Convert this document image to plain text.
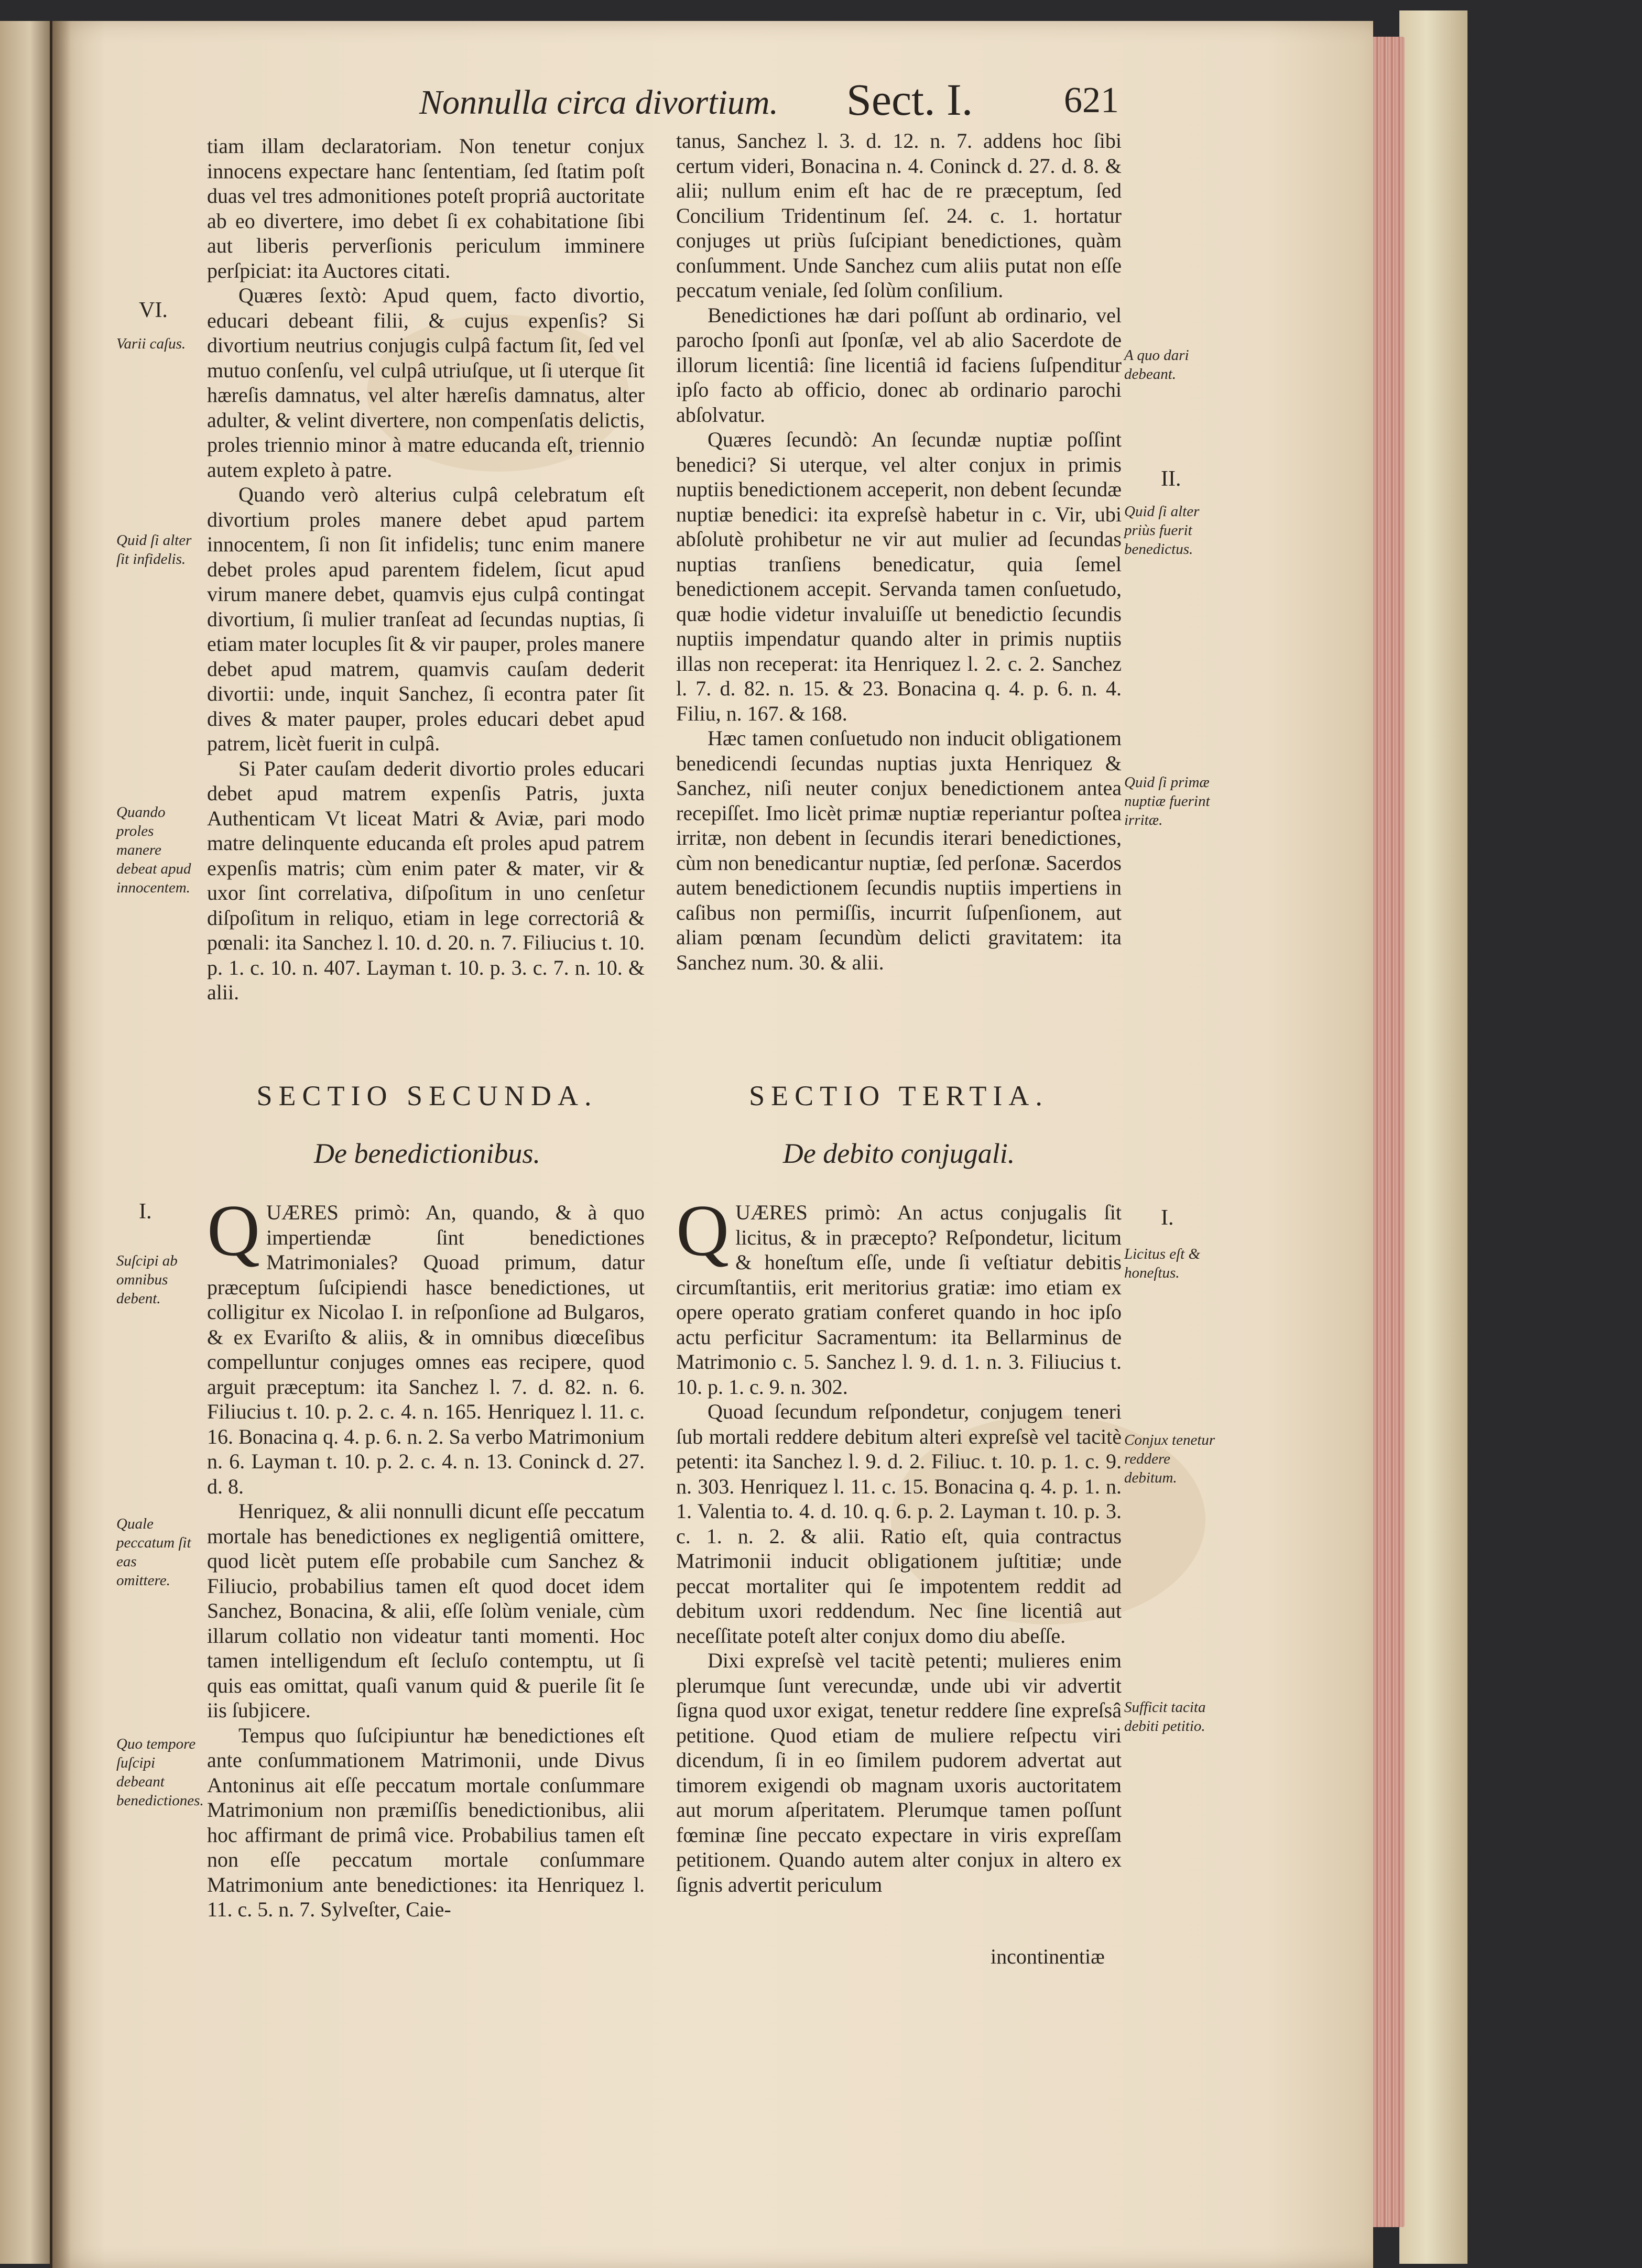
Nonnulla circa divortium. Sect. I. 621

tiam illam declaratoriam. Non tenetur conjux innocens expectare hanc ſententiam, ſed ſtatim poſt duas vel tres admonitiones poteſt propriâ auctoritate ab eo divertere, imo debet ſi ex cohabitatione ſibi aut liberis perverſionis periculum imminere perſpiciat: ita Auctores citati.

Quæres ſextò: Apud quem, facto divortio, educari debeant filii, & cujus expenſis? Si divortium neutrius conjugis culpâ factum ſit, ſed vel mutuo conſenſu, vel culpâ utriuſque, ut ſi uterque ſit hæreſis damnatus, vel alter hæreſis damnatus, alter adulter, & velint divertere, non compenſatis delictis, proles triennio minor à matre educanda eſt, triennio autem expleto à patre.

Quando verò alterius culpâ celebratum eſt divortium proles manere debet apud partem innocentem, ſi non ſit infidelis; tunc enim manere debet proles apud parentem fidelem, ſicut apud virum manere debet, quamvis ejus culpâ contingat divortium, ſi mulier tranſeat ad ſecundas nuptias, ſi etiam mater locuples ſit & vir pauper, proles manere debet apud matrem, quamvis cauſam dederit divortii: unde, inquit Sanchez, ſi econtra pater ſit dives & mater pauper, proles educari debet apud patrem, licèt fuerit in culpâ.

Si Pater cauſam dederit divortio proles educari debet apud matrem expenſis Patris, juxta Authenticam Vt liceat Matri & Aviæ, pari modo matre delinquente educanda eſt proles apud patrem expenſis matris; cùm enim pater & mater, vir & uxor ſint correlativa, diſpoſitum in uno cenſetur diſpoſitum in reliquo, etiam in lege correctoriâ & pœnali: ita Sanchez l. 10. d. 20. n. 7. Filiucius t. 10. p. 1. c. 10. n. 407. Layman t. 10. p. 3. c. 7. n. 10. & alii.

tanus, Sanchez l. 3. d. 12. n. 7. addens hoc ſibi certum videri, Bonacina n. 4. Coninck d. 27. d. 8. & alii; nullum enim eſt hac de re præceptum, ſed Concilium Tridentinum ſeſ. 24. c. 1. hortatur conjuges ut priùs ſuſcipiant benedictiones, quàm conſumment. Unde Sanchez cum aliis putat non eſſe peccatum veniale, ſed ſolùm conſilium.

Benedictiones hæ dari poſſunt ab ordinario, vel parocho ſponſi aut ſponſæ, vel ab alio Sacerdote de illorum licentiâ: ſine licentiâ id faciens ſuſpenditur ipſo facto ab officio, donec ab ordinario parochi abſolvatur.

Quæres ſecundò: An ſecundæ nuptiæ poſſint benedici? Si uterque, vel alter conjux in primis nuptiis benedictionem acceperit, non debent ſecundæ nuptiæ benedici: ita expreſsè habetur in c. Vir, ubi abſolutè prohibetur ne vir aut mulier ad ſecundas nuptias tranſiens benedicatur, quia ſemel benedictionem accepit. Servanda tamen conſuetudo, quæ hodie videtur invaluiſſe ut benedictio ſecundis nuptiis impendatur quando alter in primis nuptiis illas non receperat: ita Henriquez l. 2. c. 2. Sanchez l. 7. d. 82. n. 15. & 23. Bonacina q. 4. p. 6. n. 4. Filiu, n. 167. & 168.

Hæc tamen conſuetudo non inducit obligationem benedicendi ſecundas nuptias juxta Henriquez & Sanchez, niſi neuter conjux benedictionem antea recepiſſet. Imo licèt primæ nuptiæ reperiantur poſtea irritæ, non debent in ſecundis iterari benedictiones, cùm non benedicantur nuptiæ, ſed perſonæ. Sacerdos autem benedictionem ſecundis nuptiis impertiens in caſibus non permiſſis, incurrit ſuſpenſionem, aut aliam pœnam ſecundùm delicti gravitatem: ita Sanchez num. 30. & alii.

SECTIO SECUNDA.
De benedictionibus.
SECTIO TERTIA.
De debito conjugali.

QUÆRES primò: An, quando, & à quo impertiendæ ſint benedictiones Matrimoniales? Quoad primum, datur præceptum ſuſcipiendi hasce benedictiones, ut colligitur ex Nicolao I. in reſponſione ad Bulgaros, & ex Evariſto & aliis, & in omnibus diœceſibus compelluntur conjuges omnes eas recipere, quod arguit præceptum: ita Sanchez l. 7. d. 82. n. 6. Filiucius t. 10. p. 2. c. 4. n. 165. Henriquez l. 11. c. 16. Bonacina q. 4. p. 6. n. 2. Sa verbo Matrimonium n. 6. Layman t. 10. p. 2. c. 4. n. 13. Coninck d. 27. d. 8.

Henriquez, & alii nonnulli dicunt eſſe peccatum mortale has benedictiones ex negligentiâ omittere, quod licèt putem eſſe probabile cum Sanchez & Filiucio, probabilius tamen eſt quod docet idem Sanchez, Bonacina, & alii, eſſe ſolùm veniale, cùm illarum collatio non videatur tanti momenti. Hoc tamen intelligendum eſt ſecluſo contemptu, ut ſi quis eas omittat, quaſi vanum quid & puerile ſit ſe iis ſubjicere.

Tempus quo ſuſcipiuntur hæ benedictiones eſt ante conſummationem Matrimonii, unde Divus Antoninus ait eſſe peccatum mortale conſummare Matrimonium non præmiſſis benedictionibus, alii hoc affirmant de primâ vice. Probabilius tamen eſt non eſſe peccatum mortale conſummare Matrimonium ante benedictiones: ita Henriquez l. 11. c. 5. n. 7. Sylveſter, Caie-

QUÆRES primò: An actus conjugalis ſit licitus, & in præcepto? Reſpondetur, licitum & honeſtum eſſe, unde ſi veſtiatur debitis circumſtantiis, erit meritorius gratiæ: imo etiam ex opere operato gratiam conferet quando in hoc ipſo actu perficitur Sacramentum: ita Bellarminus de Matrimonio c. 5. Sanchez l. 9. d. 1. n. 3. Filiucius t. 10. p. 1. c. 9. n. 302.

Quoad ſecundum reſpondetur, conjugem teneri ſub mortali reddere debitum alteri expreſsè vel tacitè petenti: ita Sanchez l. 9. d. 2. Filiuc. t. 10. p. 1. c. 9. n. 303. Henriquez l. 11. c. 15. Bonacina q. 4. p. 1. n. 1. Valentia to. 4. d. 10. q. 6. p. 2. Layman t. 10. p. 3. c. 1. n. 2. & alii. Ratio eſt, quia contractus Matrimonii inducit obligationem juſtitiæ; unde peccat mortaliter qui ſe impotentem reddit ad debitum uxori reddendum. Nec ſine licentiâ aut neceſſitate poteſt alter conjux domo diu abeſſe.

Dixi expreſsè vel tacitè petenti; mulieres enim plerumque ſunt verecundæ, unde ubi vir advertit ſigna quod uxor exigat, tenetur reddere ſine expreſsâ petitione. Quod etiam de muliere reſpectu viri dicendum, ſi in eo ſimilem pudorem advertat aut timorem exigendi ob magnam uxoris auctoritatem aut morum aſperitatem. Plerumque tamen poſſunt fœminæ ſine peccato expectare in viris expreſſam petitionem. Quando autem alter conjux in altero ex ſignis advertit periculum

incontinentiæ
VI.
Varii caſus.
Quid ſi alter ſit infidelis.
Quando proles manere debeat apud innocentem.
I.
Suſcipi ab omnibus debent.
Quale peccatum ſit eas omittere.
Quo tempore ſuſcipi debeant benedictiones.
A quo dari debeant.
II.
Quid ſi alter priùs fuerit benedictus.
Quid ſi primæ nuptiæ fuerint irritæ.
I.
Licitus eſt & honeſtus.
Conjux tenetur reddere debitum.
Sufficit tacita debiti petitio.
